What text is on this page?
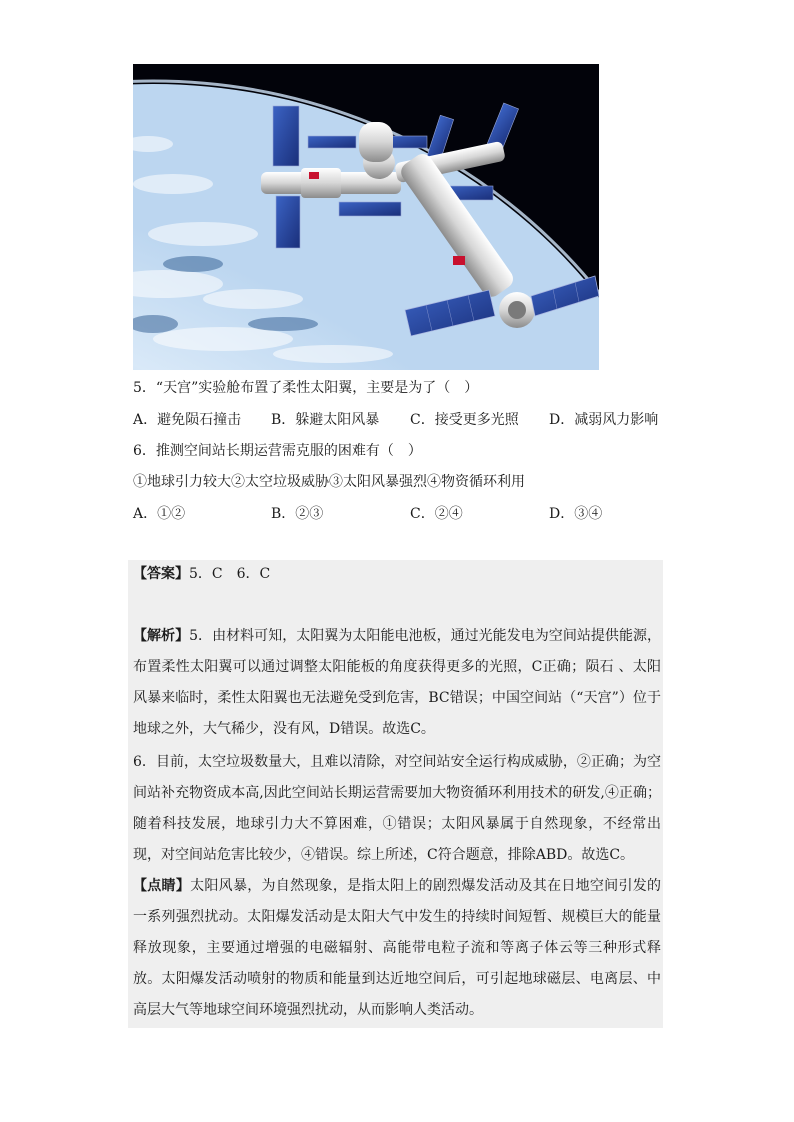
5．“天宫”实验舱布置了柔性太阳翼，主要是为了（　）
A．避免陨石撞击 B．躲避太阳风暴 C．接受更多光照 D．减弱风力影响
6．推测空间站长期运营需克服的困难有（　）
①地球引力较大②太空垃圾威胁③太阳风暴强烈④物资循环利用
A．①②	B．②③	C．②④	D．③④
【答案】5．C　6．C
【解析】5．由材料可知，太阳翼为太阳能电池板，通过光能发电为空间站提供能源，布置柔性太阳翼可以通过调整太阳能板的角度获得更多的光照，C正确；陨石 、太阳风暴来临时，柔性太阳翼也无法避免受到危害，BC错误；中国空间站（“天宫”）位于地球之外，大气稀少，没有风，D错误。故选C。
6．目前，太空垃圾数量大，且难以清除，对空间站安全运行构成威胁，②正确；为空间站补充物资成本高,因此空间站长期运营需要加大物资循环利用技术的研发,④正确；随着科技发展，地球引力大不算困难，①错误；太阳风暴属于自然现象，不经常出现，对空间站危害比较少，④错误。综上所述，C符合题意，排除ABD。故选C。
【点睛】太阳风暴，为自然现象，是指太阳上的剧烈爆发活动及其在日地空间引发的一系列强烈扰动。太阳爆发活动是太阳大气中发生的持续时间短暂、规模巨大的能量释放现象，主要通过增强的电磁辐射、高能带电粒子流和等离子体云等三种形式释放。太阳爆发活动喷射的物质和能量到达近地空间后，可引起地球磁层、电离层、中高层大气等地球空间环境强烈扰动，从而影响人类活动。
